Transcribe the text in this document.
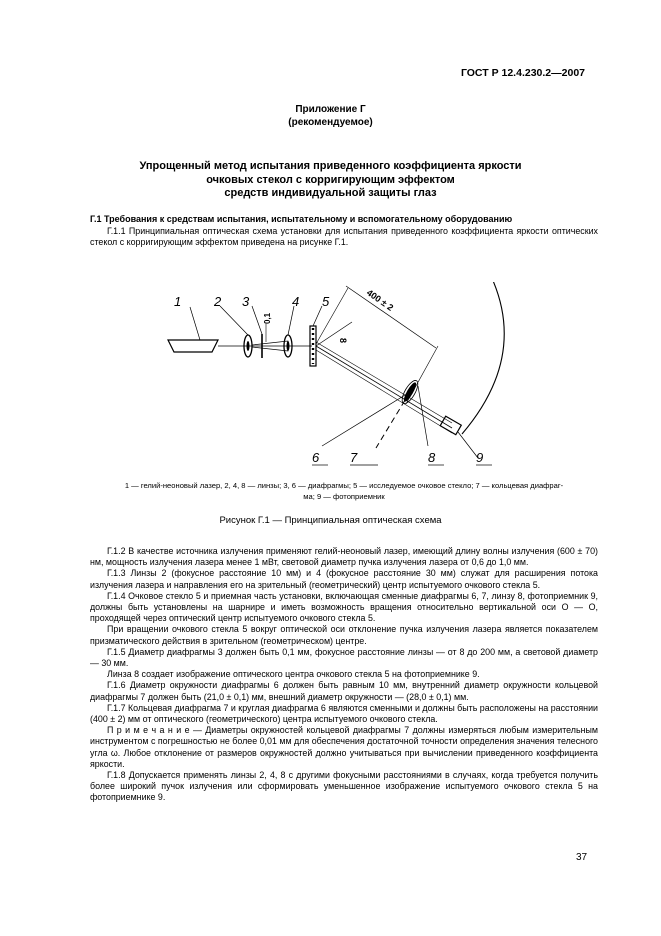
ГОСТ Р 12.4.230.2—2007
Приложение Г
(рекомендуемое)
Упрощенный метод испытания приведенного коэффициента яркости
очковых стекол с корригирующим эффектом
средств индивидуальной защиты глаз
Г.1 Требования к средствам испытания, испытательному и вспомогательному оборудованию

Г.1.1 Принципиальная оптическая схема установки для испытания приведенного коэффициента яркости оптических стекол с корригирующим эффектом приведена на рисунке Г.1.

1	2 3	4 5
6 7	8	9
400 ± 2
0,1
8
1 — гелий-неоновый лазер, 2, 4, 8 — линзы; 3, 6 — диафрагмы; 5 — исследуемое очковое стекло; 7 — кольцевая диафраг-
ма; 9 — фотоприемник
Рисунок Г.1 — Принципиальная оптическая схема

Г.1.2 В качестве источника излучения применяют гелий-неоновый лазер, имеющий длину волны излучения (600 ± 70) нм, мощность излучения лазера менее 1 мВт, световой диаметр пучка излучения лазера от 0,6 до 1,0 мм.

Г.1.3 Линзы 2 (фокусное расстояние 10 мм) и 4 (фокусное расстояние 30 мм) служат для расширения потока излучения лазера и направления его на зрительный (геометрический) центр испытуемого очкового стекла 5.

Г.1.4 Очковое стекло 5 и приемная часть установки, включающая сменные диафрагмы 6, 7, линзу 8, фотоприемник 9, должны быть установлены на шарнире и иметь возможность вращения относительно вертикальной оси О — О, проходящей через оптический центр испытуемого очкового стекла 5.

При вращении очкового стекла 5 вокруг оптической оси отклонение пучка излучения лазера является показателем призматического действия в зрительном (геометрическом) центре.

Г.1.5 Диаметр диафрагмы 3 должен быть 0,1 мм, фокусное расстояние линзы — от 8 до 200 мм, а световой диаметр — 30 мм.

Линза 8 создает изображение оптического центра очкового стекла 5 на фотоприемнике 9.

Г.1.6 Диаметр окружности диафрагмы 6 должен быть равным 10 мм, внутренний диаметр окружности кольцевой диафрагмы 7 должен быть (21,0 ± 0,1) мм, внешний диаметр окружности — (28,0 ± 0,1) мм.

Г.1.7 Кольцевая диафрагма 7 и круглая диафрагма 6 являются сменными и должны быть расположены на расстоянии (400 ± 2) мм от оптического (геометрического) центра испытуемого очкового стекла.

П р и м е ч а н и е — Диаметры окружностей кольцевой диафрагмы 7 должны измеряться любым измерительным инструментом с погрешностью не более 0,01 мм для обеспечения достаточной точности определения значения телесного угла ω. Любое отклонение от размеров окружностей должно учитываться при вычислении приведенного коэффициента яркости.

Г.1.8 Допускается применять линзы 2, 4, 8 с другими фокусными расстояниями в случаях, когда требуется получить более широкий пучок излучения или сформировать уменьшенное изображение испытуемого очкового стекла 5 на фотоприемнике 9.

37
